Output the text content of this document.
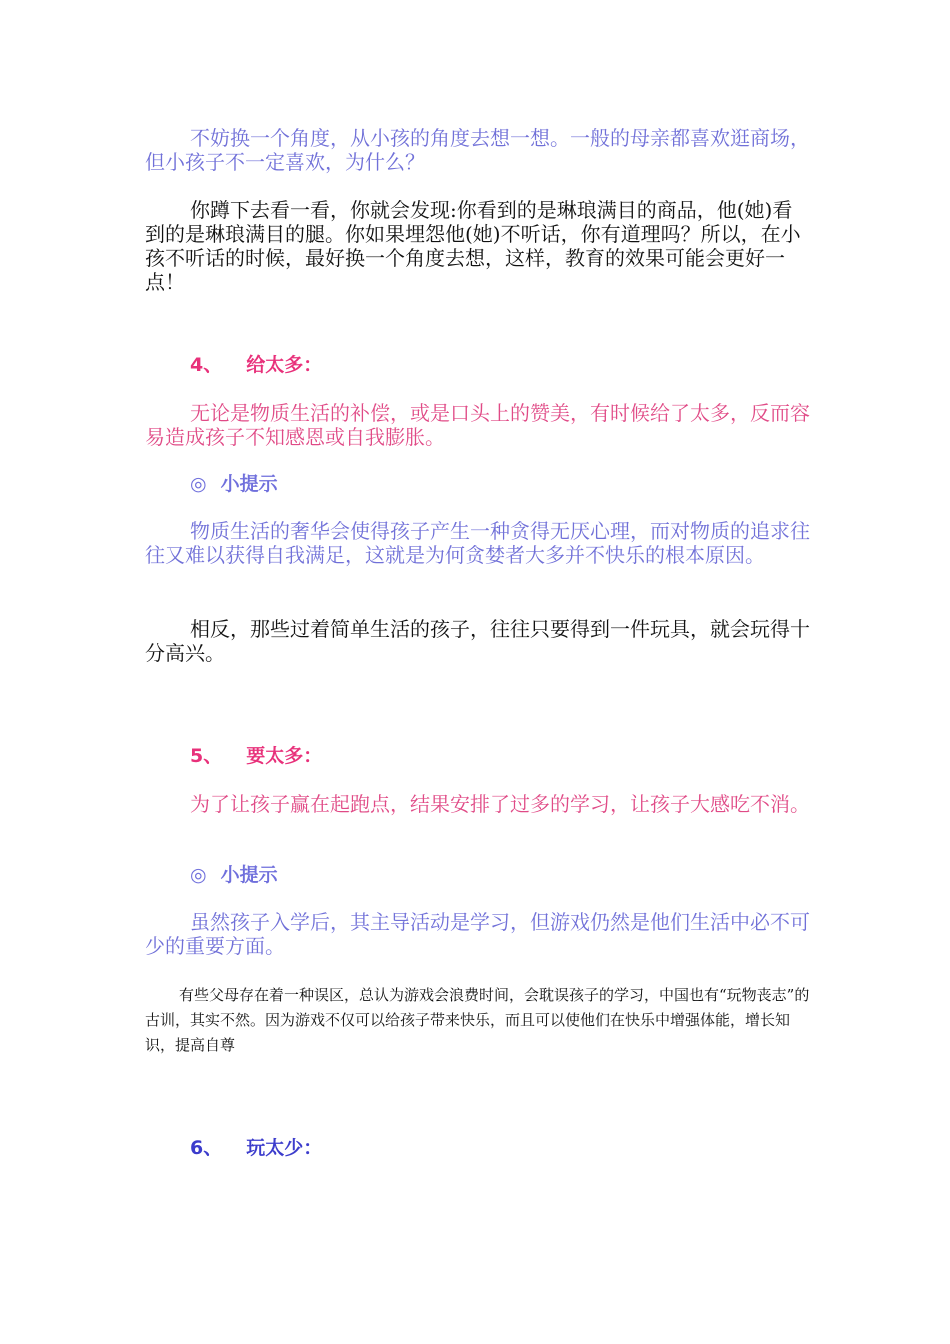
不妨换一个角度，从小孩的角度去想一想。一般的母亲都喜欢逛商场，但小孩子不一定喜欢，为什么？

你蹲下去看一看，你就会发现:你看到的是琳琅满目的商品，他(她)看到的是琳琅满目的腿。你如果埋怨他(她)不听话，你有道理吗？所以，在小孩不听话的时候，最好换一个角度去想，这样，教育的效果可能会更好一点！

4、 给太多：

无论是物质生活的补偿，或是口头上的赞美，有时候给了太多，反而容易造成孩子不知感恩或自我膨胀。

◎ 小提示

物质生活的奢华会使得孩子产生一种贪得无厌心理，而对物质的追求往往又难以获得自我满足，这就是为何贪婪者大多并不快乐的根本原因。

相反，那些过着简单生活的孩子，往往只要得到一件玩具，就会玩得十分高兴。

5、 要太多：

为了让孩子赢在起跑点，结果安排了过多的学习，让孩子大感吃不消。

◎ 小提示

虽然孩子入学后，其主导活动是学习，但游戏仍然是他们生活中必不可少的重要方面。

有些父母存在着一种误区，总认为游戏会浪费时间，会耽误孩子的学习，中国也有“玩物丧志”的古训，其实不然。因为游戏不仅可以给孩子带来快乐，而且可以使他们在快乐中增强体能，增长知识，提高自尊

6、 玩太少：
